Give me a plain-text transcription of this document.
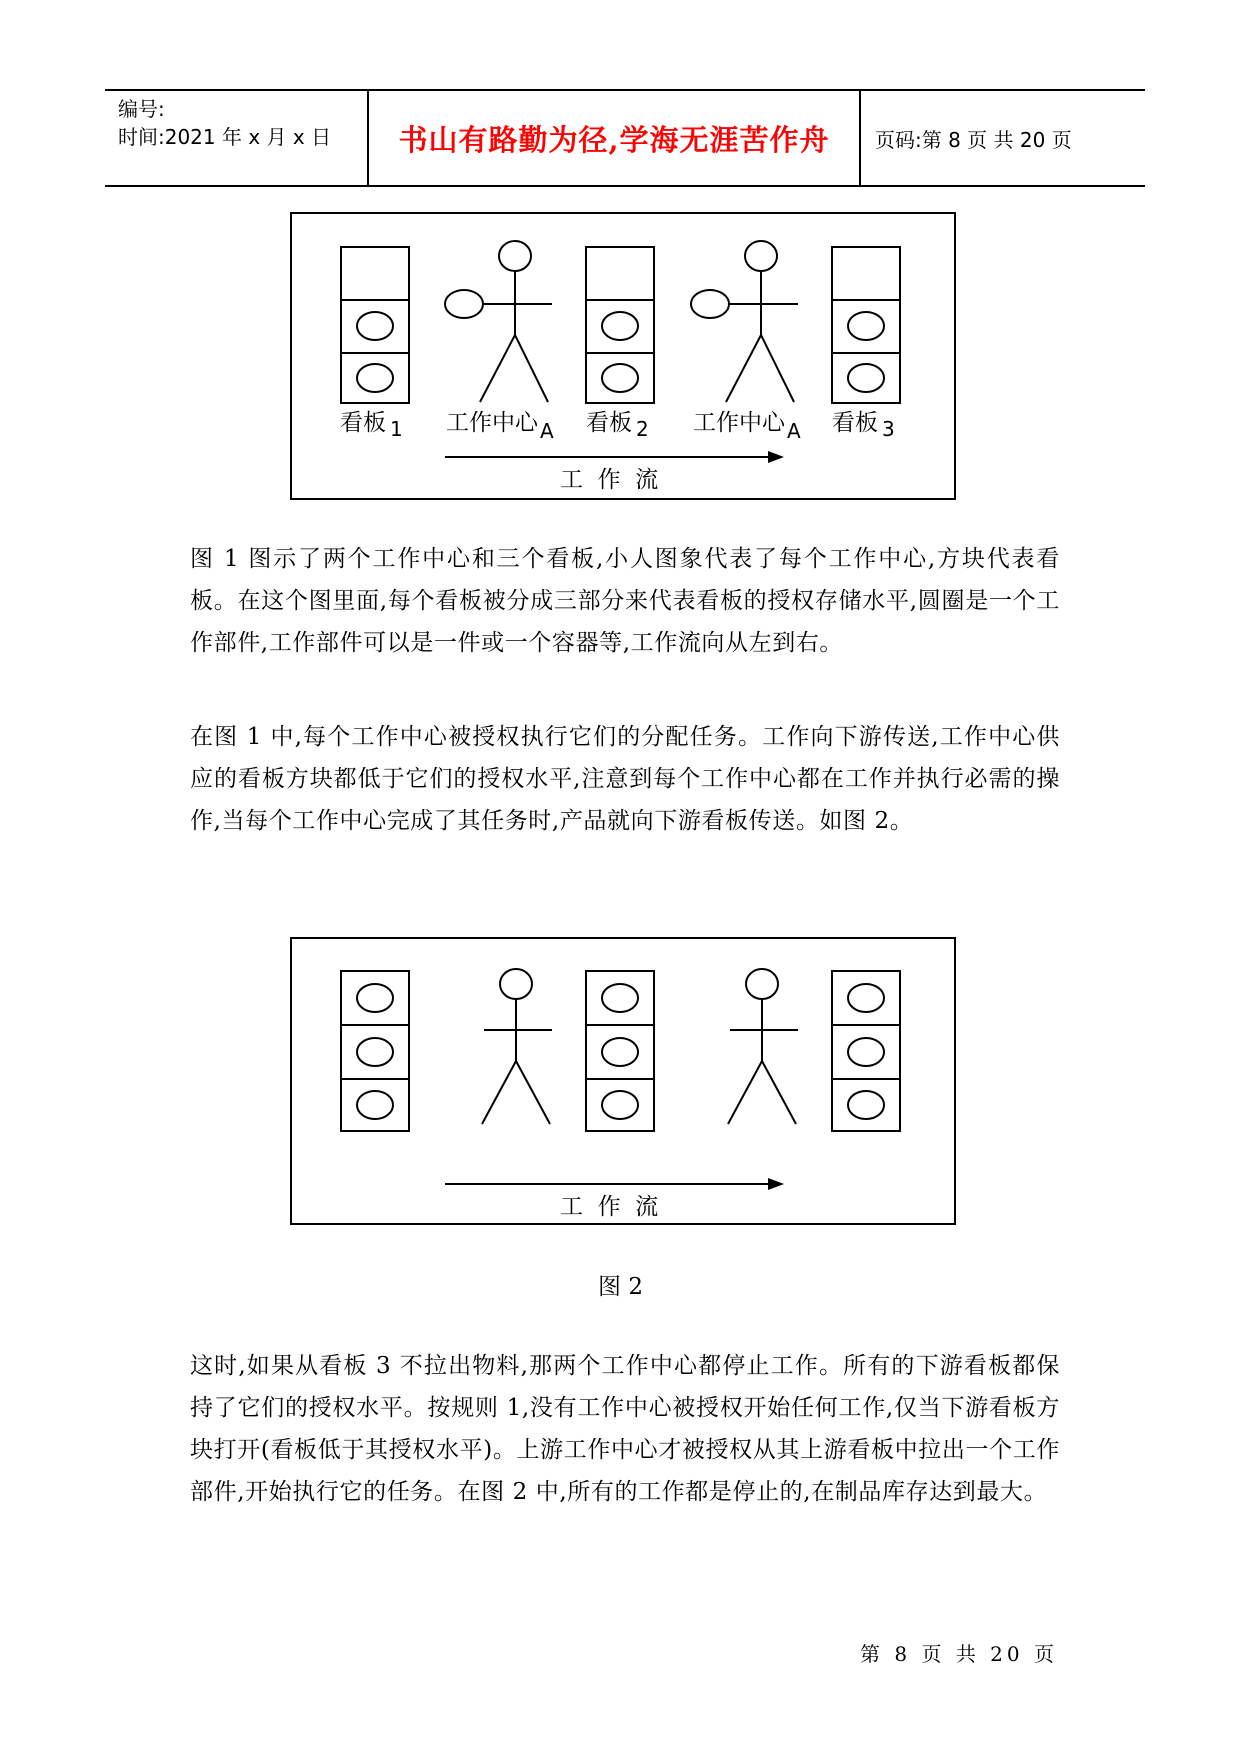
编号:
时间:2021 年 x 月 x 日	书山有路勤为径,学海无涯苦作舟	页码:第 8 页 共 20 页
看板 1 工作中心 A 看板 2 工作中心 A 看板 3
工  作  流
图 1 图示了两个工作中心和三个看板,小人图象代表了每个工作中心,方块代表看板。在这个图里面,每个看板被分成三部分来代表看板的授权存储水平,圆圈是一个工作部件,工作部件可以是一件或一个容器等,工作流向从左到右。
在图 1 中,每个工作中心被授权执行它们的分配任务。工作向下游传送,工作中心供应的看板方块都低于它们的授权水平,注意到每个工作中心都在工作并执行必需的操作,当每个工作中心完成了其任务时,产品就向下游看板传送。如图 2。
工  作  流
图 2
这时,如果从看板 3 不拉出物料,那两个工作中心都停止工作。所有的下游看板都保持了它们的授权水平。按规则 1,没有工作中心被授权开始任何工作,仅当下游看板方块打开(看板低于其授权水平)。上游工作中心才被授权从其上游看板中拉出一个工作部件,开始执行它的任务。在图 2 中,所有的工作都是停止的,在制品库存达到最大。
第 8 页 共 20 页
